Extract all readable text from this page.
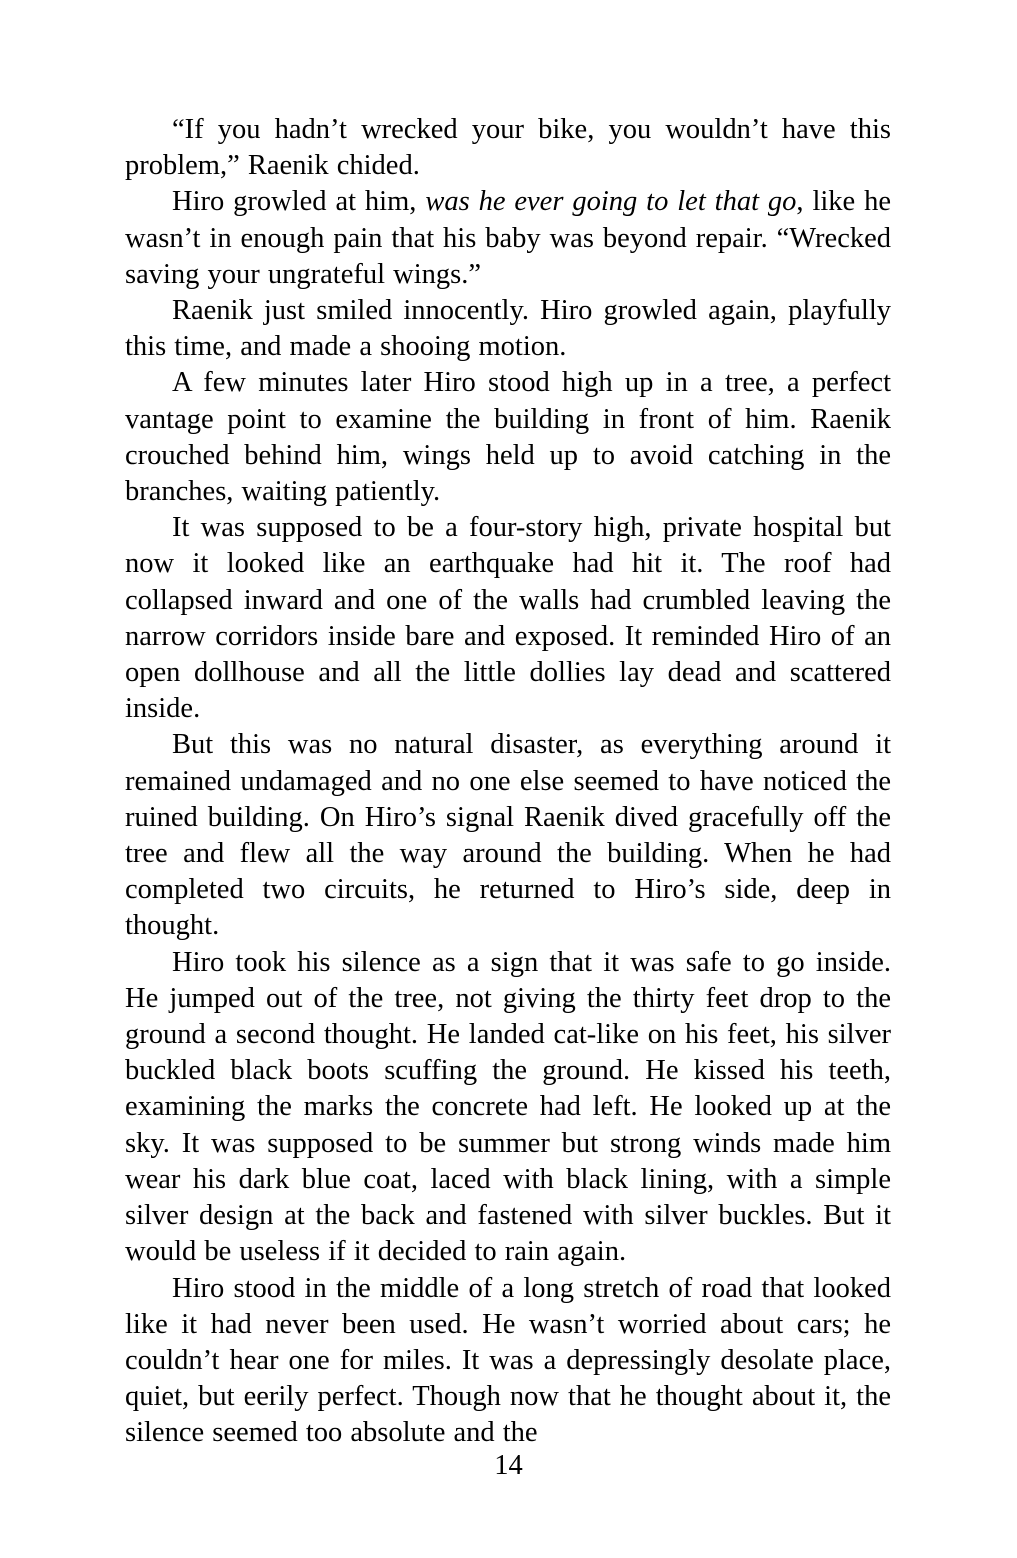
“If you hadn’t wrecked your bike, you wouldn’t have this problem,” Raenik chided.

Hiro growled at him, was he ever going to let that go, like he wasn’t in enough pain that his baby was beyond repair. “Wrecked saving your ungrateful wings.”

Raenik just smiled innocently. Hiro growled again, playfully this time, and made a shooing motion.

A few minutes later Hiro stood high up in a tree, a perfect vantage point to examine the building in front of him. Raenik crouched behind him, wings held up to avoid catching in the branches, waiting patiently.

It was supposed to be a four-story high, private hospital but now it looked like an earthquake had hit it. The roof had collapsed inward and one of the walls had crumbled leaving the narrow corridors inside bare and exposed. It reminded Hiro of an open dollhouse and all the little dollies lay dead and scattered inside.

But this was no natural disaster, as everything around it remained undamaged and no one else seemed to have noticed the ruined building. On Hiro’s signal Raenik dived gracefully off the tree and flew all the way around the building. When he had completed two circuits, he returned to Hiro’s side, deep in thought.

Hiro took his silence as a sign that it was safe to go inside. He jumped out of the tree, not giving the thirty feet drop to the ground a second thought. He landed cat-like on his feet, his silver buckled black boots scuffing the ground. He kissed his teeth, examining the marks the concrete had left. He looked up at the sky. It was supposed to be summer but strong winds made him wear his dark blue coat, laced with black lining, with a simple silver design at the back and fastened with silver buckles. But it would be useless if it decided to rain again.

Hiro stood in the middle of a long stretch of road that looked like it had never been used. He wasn’t worried about cars; he couldn’t hear one for miles. It was a depressingly desolate place, quiet, but eerily perfect. Though now that he thought about it, the silence seemed too absolute and the

14
